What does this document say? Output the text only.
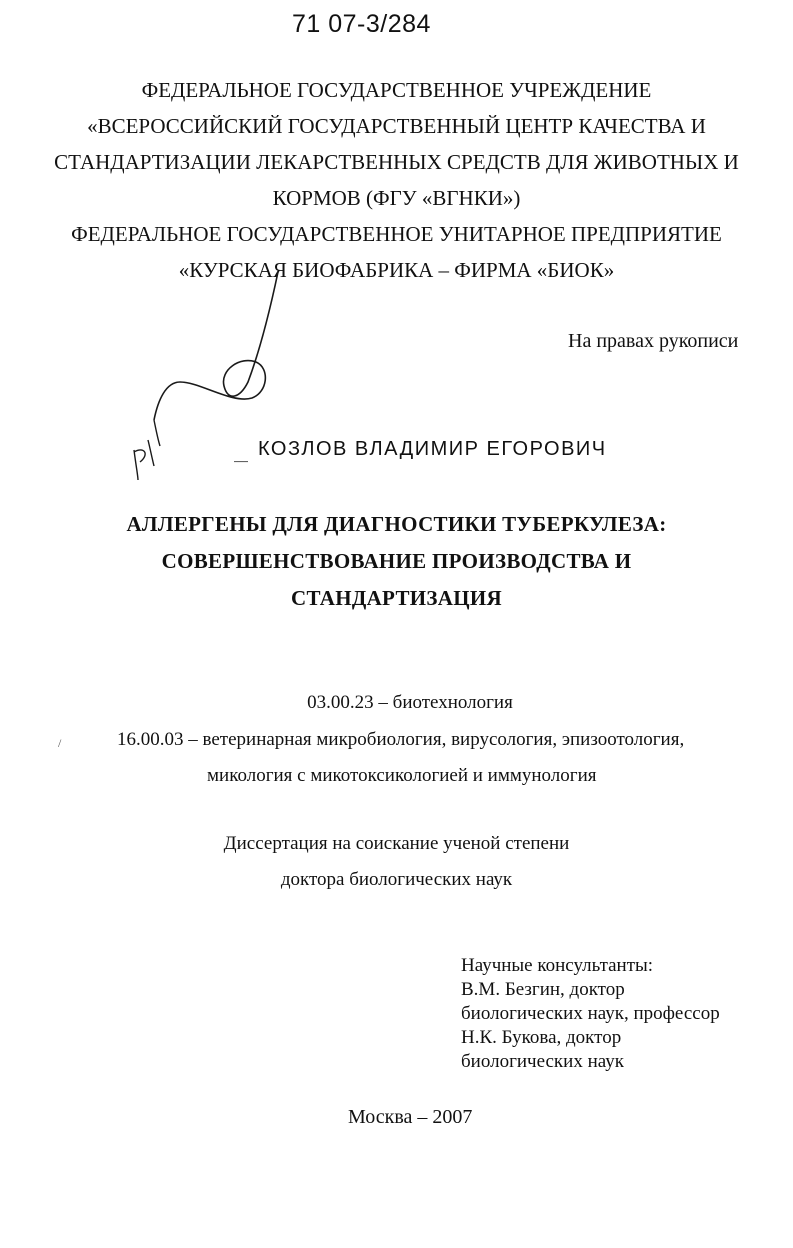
71 07-3/284
ФЕДЕРАЛЬНОЕ ГОСУДАРСТВЕННОЕ УЧРЕЖДЕНИЕ
«ВСЕРОССИЙСКИЙ ГОСУДАРСТВЕННЫЙ ЦЕНТР КАЧЕСТВА И
СТАНДАРТИЗАЦИИ ЛЕКАРСТВЕННЫХ СРЕДСТВ ДЛЯ ЖИВОТНЫХ И
КОРМОВ (ФГУ «ВГНКИ»)
ФЕДЕРАЛЬНОЕ ГОСУДАРСТВЕННОЕ УНИТАРНОЕ ПРЕДПРИЯТИЕ
«КУРСКАЯ БИОФАБРИКА – ФИРМА «БИОК»
На правах рукописи
⸏ КОЗЛОВ ВЛАДИМИР ЕГОРОВИЧ
АЛЛЕРГЕНЫ ДЛЯ ДИАГНОСТИКИ ТУБЕРКУЛЕЗА:
СОВЕРШЕНСТВОВАНИЕ ПРОИЗВОДСТВА И
СТАНДАРТИЗАЦИЯ
03.00.23 – биотехнология
/	16.00.03 – ветеринарная микробиология, вирусология, эпизоотология,
микология с микотоксикологией и иммунология
Диссертация на соискание ученой степени
доктора биологических наук
Научные консультанты:
В.М. Безгин, доктор
биологических наук, профессор
Н.К. Букова, доктор
биологических наук
Москва – 2007
